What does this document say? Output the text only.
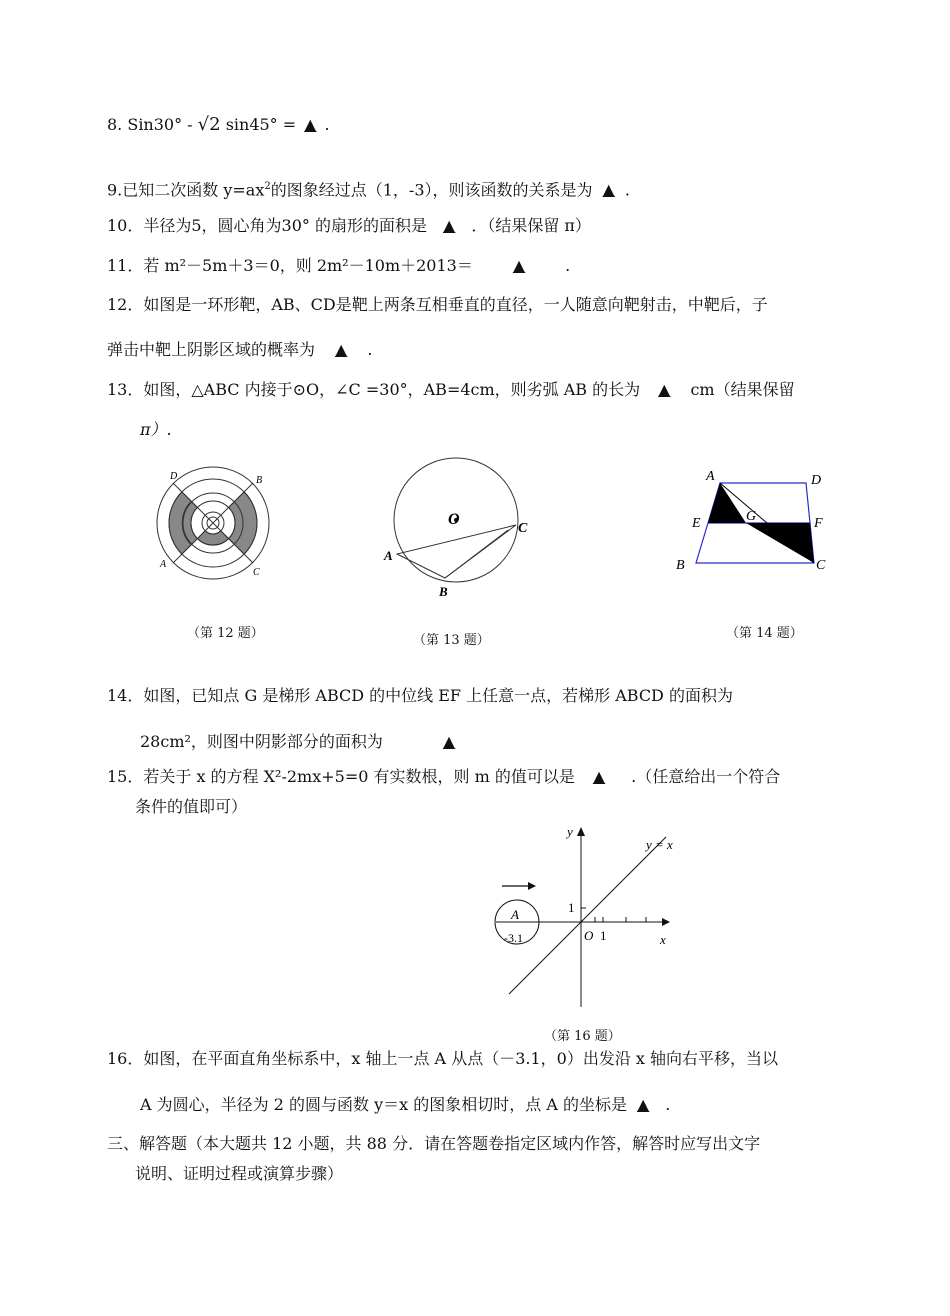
8. Sin30° - √2 sin45° = ▲ .
9.已知二次函数 $y=ax^2$的图象经过点（1，-3），则该函数的关系是为 ▲ .
10．半径为5，圆心角为30° 的扇形的面积是 ▲ ．（结果保留 π）
11．若 m²－5m＋3＝0，则 2m²－10m＋2013＝	▲	.
12．如图是一环形靶，AB、CD是靶上两条互相垂直的直径，一人随意向靶射击，中靶后，子
弹击中靶上阴影区域的概率为 ▲ .
13．如图，△ABC 内接于⊙O，∠C =30°，AB=4cm，则劣弧 AB 的长为 ▲ cm（结果保留
π）.
D	B
A
C
（第 12 题）
O
A
B
C
（第 13 题）
A	D
E	G	F
B	C
（第 14 题）
14．如图，已知点 G 是梯形 ABCD 的中位线 EF 上任意一点，若梯形 ABCD 的面积为
28cm²，则图中阴影部分的面积为	▲
15．若关于 x 的方程 X²-2mx+5=0 有实数根，则 m 的值可以是 ▲ .（任意给出一个符合
条件的值即可）
y
x
y = x
1
1
O
A
-3.1
（第 16 题）
16．如图，在平面直角坐标系中，x 轴上一点 A 从点（－3.1，0）出发沿 x 轴向右平移，当以
A 为圆心，半径为 2 的圆与函数 y＝x 的图象相切时，点 A 的坐标是 ▲ .
三、解答题（本大题共 12 小题，共 88 分．请在答题卷指定区域内作答，解答时应写出文字
说明、证明过程或演算步骤）
